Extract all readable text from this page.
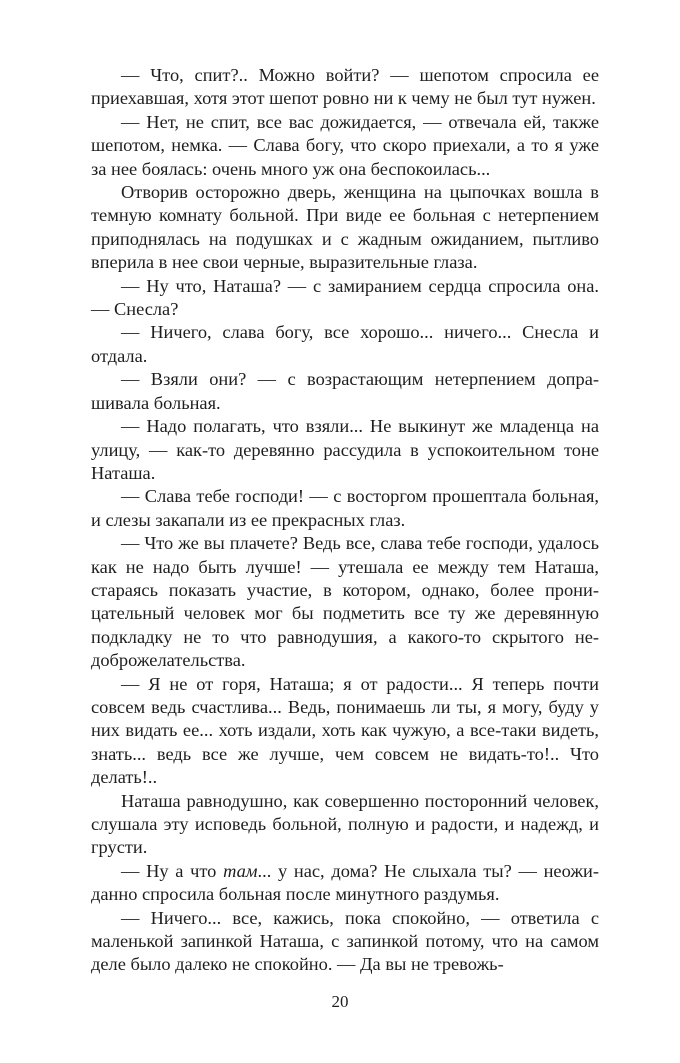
— Что, спит?.. Можно войти? — шепотом спросила ее приехавшая, хотя этот шепот ровно ни к чему не был тут нужен.

— Нет, не спит, все вас дожидается, — отвечала ей, также шепотом, немка. — Слава богу, что скоро приехали, а то я уже за нее боялась: очень много уж она беспокоилась...

Отворив осторожно дверь, женщина на цыпочках вошла в темную комнату больной. При виде ее больная с нетерпением приподнялась на подушках и с жадным ожиданием, пытливо вперила в нее свои черные, выразительные глаза.

— Ну что, Наташа? — с замиранием сердца спросила она. — Снесла?

— Ничего, слава богу, все хорошо... ничего... Снесла и отдала.

— Взяли они? — с возрастающим нетерпением допрашивала больная.

— Надо полагать, что взяли... Не выкинут же младенца на улицу, — как-то деревянно рассудила в успокоительном тоне Наташа.

— Слава тебе господи! — с восторгом прошептала больная, и слезы закапали из ее прекрасных глаз.

— Что же вы плачете? Ведь все, слава тебе господи, удалось как не надо быть лучше! — утешала ее между тем Наташа, стараясь показать участие, в котором, однако, более проницательный человек мог бы подметить все ту же деревянную подкладку не то что равнодушия, а какого-то скрытого недоброжелательства.

— Я не от горя, Наташа; я от радости... Я теперь почти совсем ведь счастлива... Ведь, понимаешь ли ты, я могу, буду у них видать ее... хоть издали, хоть как чужую, а все-таки видеть, знать... ведь все же лучше, чем совсем не видать-то!.. Что делать!..

Наташа равнодушно, как совершенно посторонний человек, слушала эту исповедь больной, полную и радости, и надежд, и грусти.

— Ну а что там... у нас, дома? Не слыхала ты? — неожиданно спросила больная после минутного раздумья.

— Ничего... все, кажись, пока спокойно, — ответила с маленькой запинкой Наташа, с запинкой потому, что на самом деле было далеко не спокойно. — Да вы не тревожь-

20
